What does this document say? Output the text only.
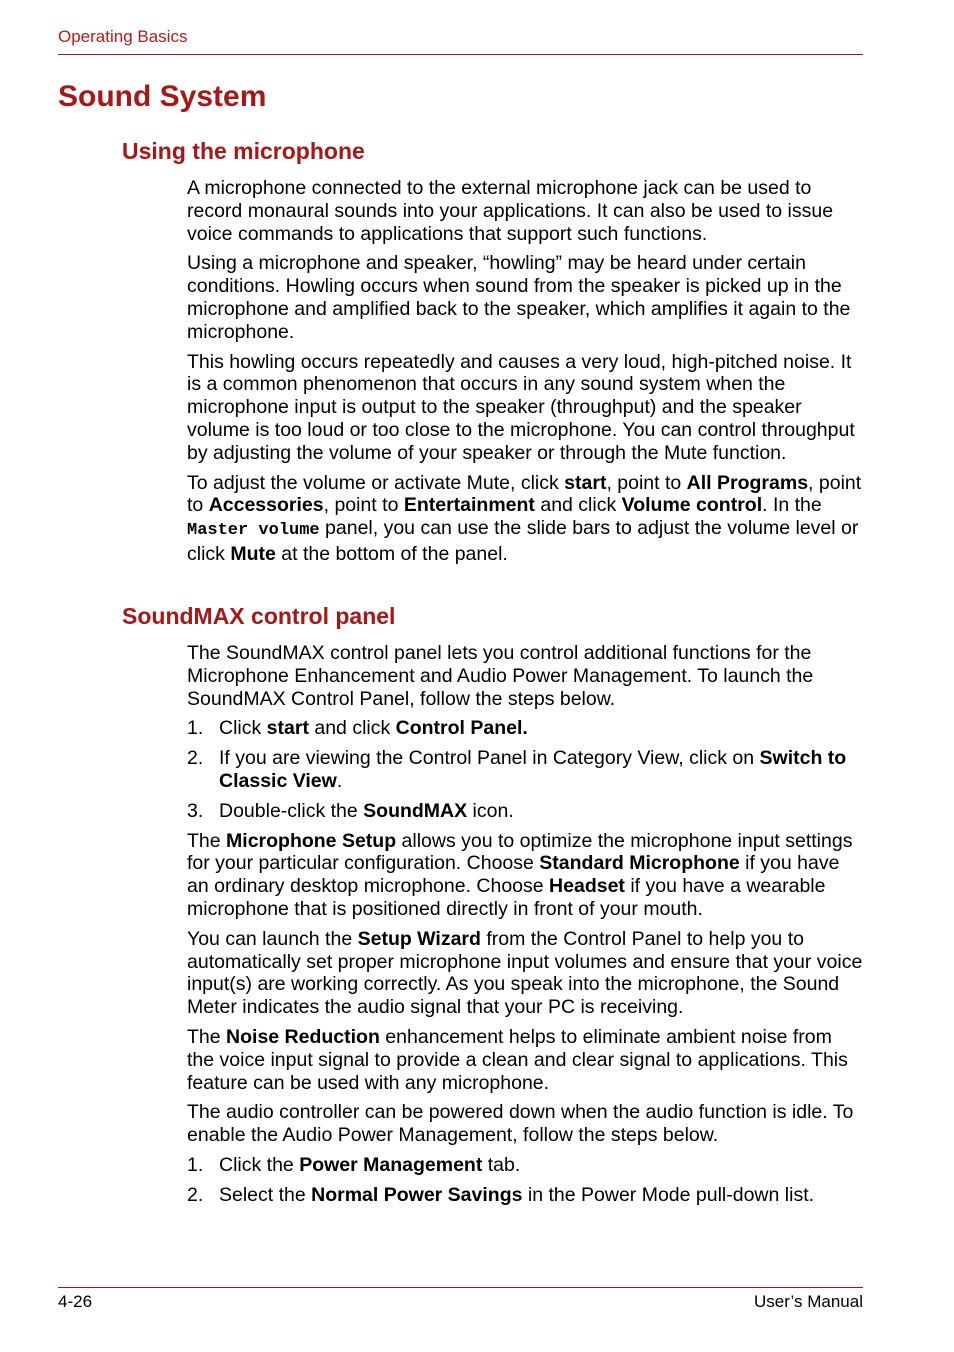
Operating Basics
Sound System
Using the microphone

A microphone connected to the external microphone jack can be used to record monaural sounds into your applications. It can also be used to issue voice commands to applications that support such functions.

Using a microphone and speaker, “howling” may be heard under certain conditions. Howling occurs when sound from the speaker is picked up in the microphone and amplified back to the speaker, which amplifies it again to the microphone.

This howling occurs repeatedly and causes a very loud, high-pitched noise. It is a common phenomenon that occurs in any sound system when the microphone input is output to the speaker (throughput) and the speaker volume is too loud or too close to the microphone. You can control throughput by adjusting the volume of your speaker or through the Mute function.

To adjust the volume or activate Mute, click start, point to All Programs, point to Accessories, point to Entertainment and click Volume control. In the Master volume panel, you can use the slide bars to adjust the volume level or click Mute at the bottom of the panel.

SoundMAX control panel

The SoundMAX control panel lets you control additional functions for the Microphone Enhancement and Audio Power Management. To launch the SoundMAX Control Panel, follow the steps below.

1. Click start and click Control Panel.

2. If you are viewing the Control Panel in Category View, click on Switch to Classic View.

3. Double-click the SoundMAX icon.

The Microphone Setup allows you to optimize the microphone input settings for your particular configuration. Choose Standard Microphone if you have an ordinary desktop microphone. Choose Headset if you have a wearable microphone that is positioned directly in front of your mouth.

You can launch the Setup Wizard from the Control Panel to help you to automatically set proper microphone input volumes and ensure that your voice input(s) are working correctly. As you speak into the microphone, the Sound Meter indicates the audio signal that your PC is receiving.

The Noise Reduction enhancement helps to eliminate ambient noise from the voice input signal to provide a clean and clear signal to applications. This feature can be used with any microphone.

The audio controller can be powered down when the audio function is idle. To enable the Audio Power Management, follow the steps below.

1. Click the Power Management tab.

2. Select the Normal Power Savings in the Power Mode pull-down list.

4-26	User’s Manual
